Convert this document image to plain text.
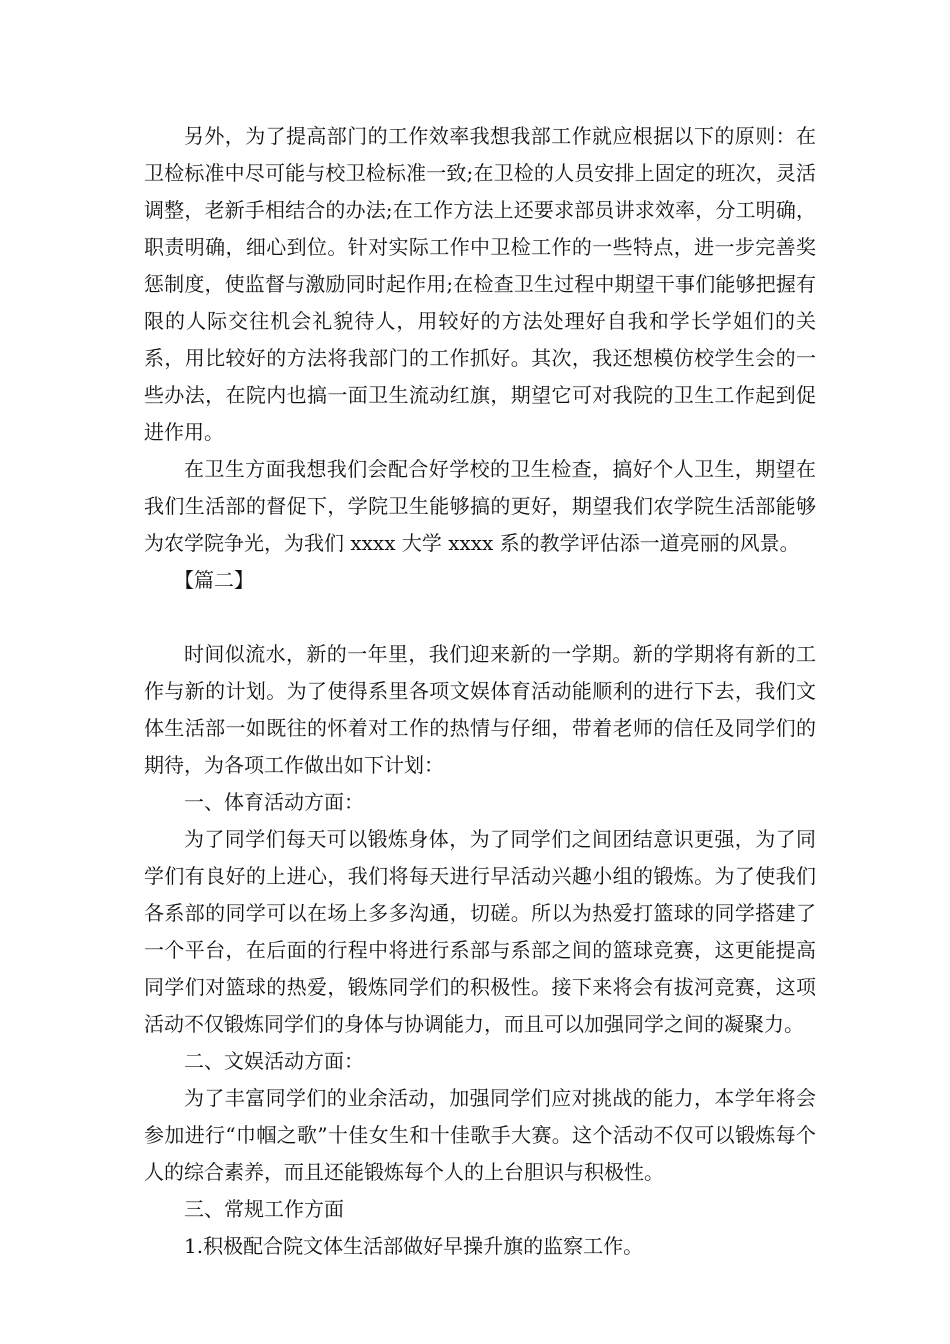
另外，为了提高部门的工作效率我想我部工作就应根据以下的原则：在卫检标准中尽可能与校卫检标准一致;在卫检的人员安排上固定的班次，灵活调整，老新手相结合的办法;在工作方法上还要求部员讲求效率，分工明确，职责明确，细心到位。针对实际工作中卫检工作的一些特点，进一步完善奖惩制度，使监督与激励同时起作用;在检查卫生过程中期望干事们能够把握有限的人际交往机会礼貌待人，用较好的方法处理好自我和学长学姐们的关系，用比较好的方法将我部门的工作抓好。其次，我还想模仿校学生会的一些办法，在院内也搞一面卫生流动红旗，期望它可对我院的卫生工作起到促进作用。

在卫生方面我想我们会配合好学校的卫生检查，搞好个人卫生，期望在我们生活部的督促下，学院卫生能够搞的更好，期望我们农学院生活部能够为农学院争光，为我们 xxxx 大学 xxxx 系的教学评估添一道亮丽的风景。

【篇二】

时间似流水，新的一年里，我们迎来新的一学期。新的学期将有新的工作与新的计划。为了使得系里各项文娱体育活动能顺利的进行下去，我们文体生活部一如既往的怀着对工作的热情与仔细，带着老师的信任及同学们的期待，为各项工作做出如下计划：

一、体育活动方面：

为了同学们每天可以锻炼身体，为了同学们之间团结意识更强，为了同学们有良好的上进心，我们将每天进行早活动兴趣小组的锻炼。为了使我们各系部的同学可以在场上多多沟通，切磋。所以为热爱打篮球的同学搭建了一个平台，在后面的行程中将进行系部与系部之间的篮球竞赛，这更能提高同学们对篮球的热爱，锻炼同学们的积极性。接下来将会有拔河竞赛，这项活动不仅锻炼同学们的身体与协调能力，而且可以加强同学之间的凝聚力。

二、文娱活动方面：

为了丰富同学们的业余活动，加强同学们应对挑战的能力，本学年将会参加进行“巾帼之歌”十佳女生和十佳歌手大赛。这个活动不仅可以锻炼每个人的综合素养，而且还能锻炼每个人的上台胆识与积极性。

三、常规工作方面

1.积极配合院文体生活部做好早操升旗的监察工作。
